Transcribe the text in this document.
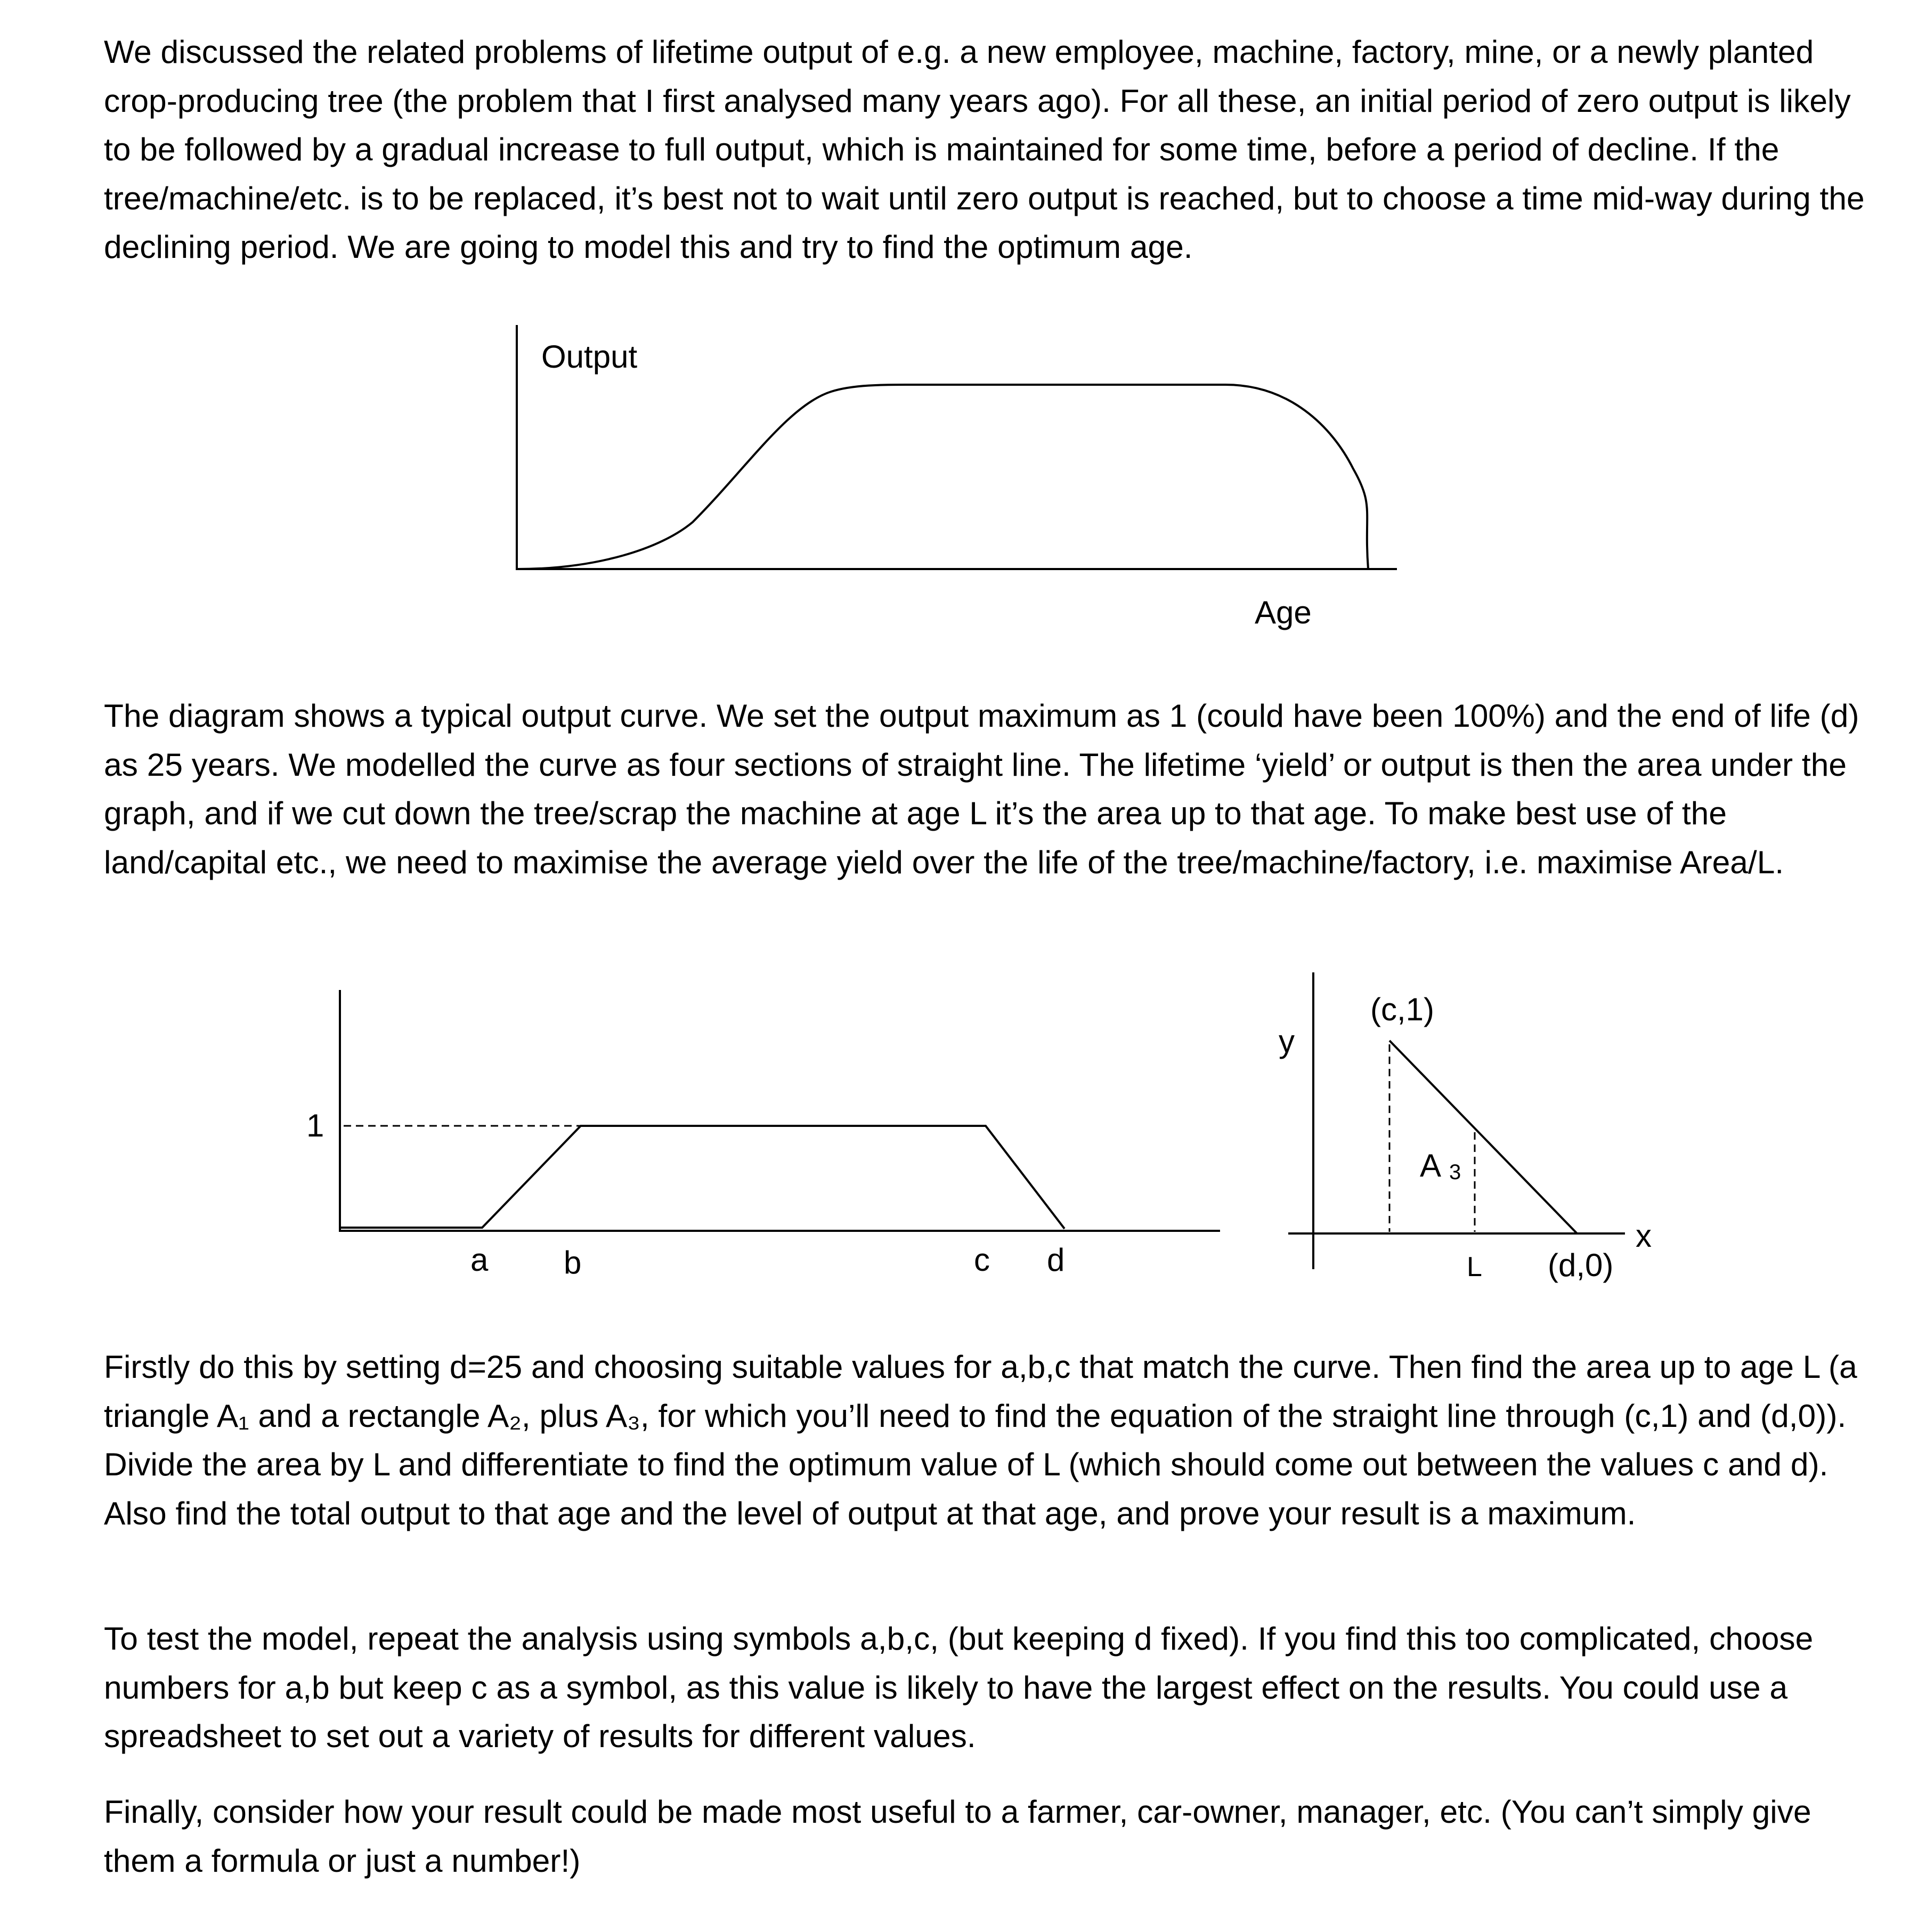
We discussed the related problems of lifetime output of e.g. a new employee, machine, factory, mine, or a newly planted crop-producing tree (the problem that I first analysed many years ago). For all these, an initial period of zero output is likely to be followed by a gradual increase to full output, which is maintained for some time, before a period of decline. If the tree/machine/etc. is to be replaced, it’s best not to wait until zero output is reached, but to choose a time mid-way during the declining period. We are going to model this and try to find the optimum age.

Output
Age

The diagram shows a typical output curve. We set the output maximum as 1 (could have been 100%) and the end of life (d) as 25 years. We modelled the curve as four sections of straight line. The lifetime ‘yield’ or output is then the area under the graph, and if we cut down the tree/scrap the machine at age L it’s the area up to that age. To make best use of the land/capital etc., we need to maximise the average yield over the life of the tree/machine/factory, i.e. maximise Area/L.

1
a b	c d
y
x
(c,1)
(d,0)
L
A 3

Firstly do this by setting d=25 and choosing suitable values for a,b,c that match the curve. Then find the area up to age L (a triangle A₁ and a rectangle A₂, plus A₃, for which you’ll need to find the equation of the straight line through (c,1) and (d,0)). Divide the area by L and differentiate to find the optimum value of L (which should come out between the values c and d). Also find the total output to that age and the level of output at that age, and prove your result is a maximum.

To test the model, repeat the analysis using symbols a,b,c, (but keeping d fixed). If you find this too complicated, choose numbers for a,b but keep c as a symbol, as this value is likely to have the largest effect on the results. You could use a spreadsheet to set out a variety of results for different values.

Finally, consider how your result could be made most useful to a farmer, car-owner, manager, etc. (You can’t simply give them a formula or just a number!)
